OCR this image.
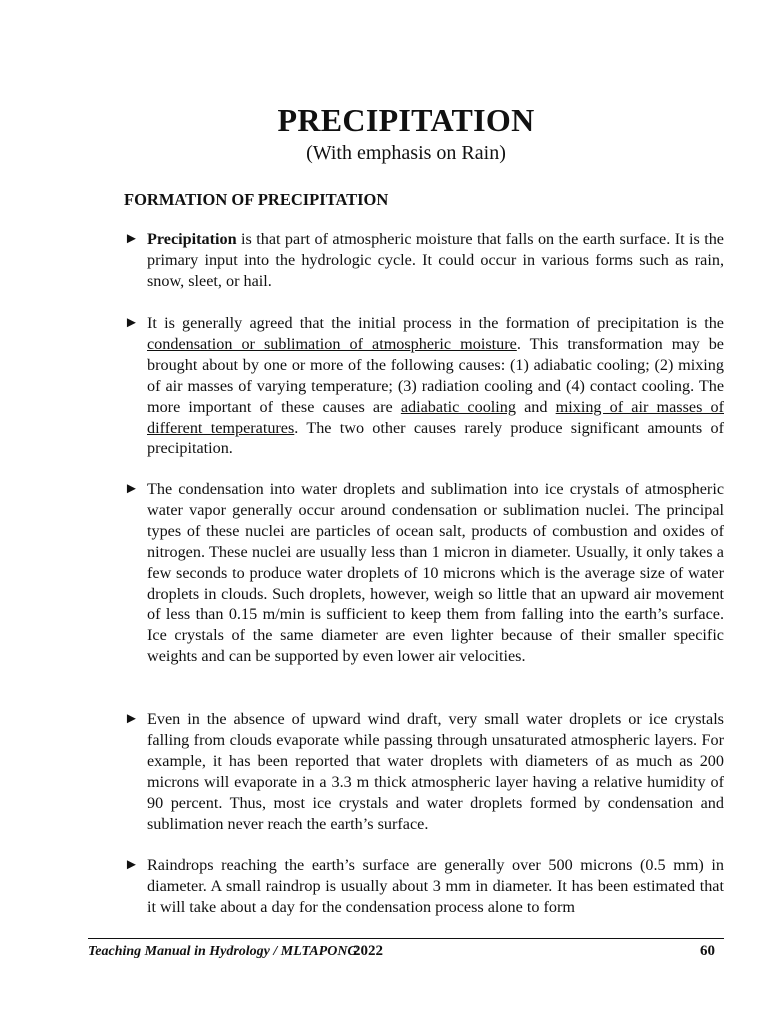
PRECIPITATION
(With emphasis on Rain)
FORMATION OF PRECIPITATION
► Precipitation is that part of atmospheric moisture that falls on the earth surface. It is the primary input into the hydrologic cycle. It could occur in various forms such as rain, snow, sleet, or hail.
► It is generally agreed that the initial process in the formation of precipitation is the condensation or sublimation of atmospheric moisture. This transformation may be brought about by one or more of the following causes: (1) adiabatic cooling; (2) mixing of air masses of varying temperature; (3) radiation cooling and (4) contact cooling. The more important of these causes are adiabatic cooling and mixing of air masses of different temperatures. The two other causes rarely produce significant amounts of precipitation.
► The condensation into water droplets and sublimation into ice crystals of atmospheric water vapor generally occur around condensation or sublimation nuclei. The principal types of these nuclei are particles of ocean salt, products of combustion and oxides of nitrogen. These nuclei are usually less than 1 micron in diameter. Usually, it only takes a few seconds to produce water droplets of 10 microns which is the average size of water droplets in clouds. Such droplets, however, weigh so little that an upward air movement of less than 0.15 m/min is sufficient to keep them from falling into the earth’s surface. Ice crystals of the same diameter are even lighter because of their smaller specific weights and can be supported by even lower air velocities.
► Even in the absence of upward wind draft, very small water droplets or ice crystals falling from clouds evaporate while passing through unsaturated atmospheric layers. For example, it has been reported that water droplets with diameters of as much as 200 microns will evaporate in a 3.3 m thick atmospheric layer having a relative humidity of 90 percent. Thus, most ice crystals and water droplets formed by condensation and sublimation never reach the earth’s surface.
► Raindrops reaching the earth’s surface are generally over 500 microns (0.5 mm) in diameter. A small raindrop is usually about 3 mm in diameter. It has been estimated that it will take about a day for the condensation process alone to form
Teaching Manual in Hydrology / MLTAPONG
2022	60
